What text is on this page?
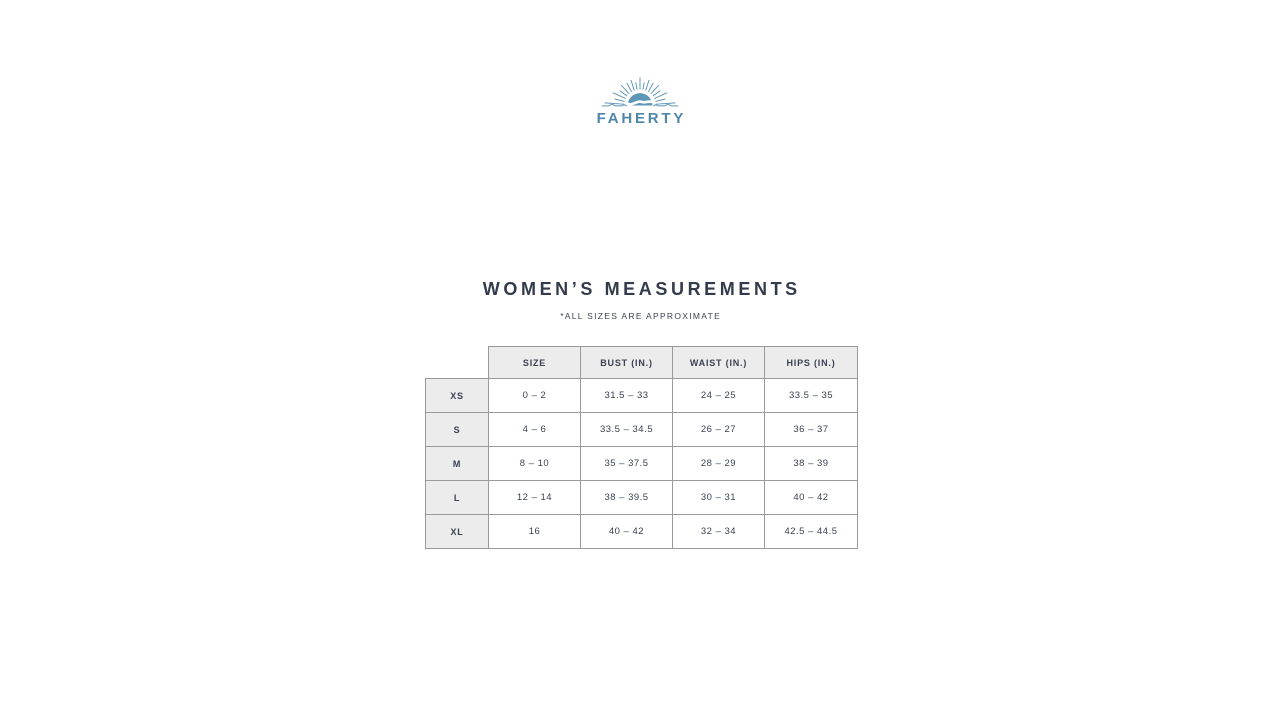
FAHERTY
WOMEN’S MEASUREMENTS
*ALL SIZES ARE APPROXIMATE
	SIZE	BUST (IN.)	WAIST (IN.)	HIPS (IN.)
XS	0 – 2	31.5 – 33	24 – 25	33.5 – 35
S	4 – 6	33.5 – 34.5	26 – 27	36 – 37
M	8 – 10	35 – 37.5	28 – 29	38 – 39
L	12 – 14	38 – 39.5	30 – 31	40 – 42
XL	16	40 – 42	32 – 34	42.5 – 44.5
